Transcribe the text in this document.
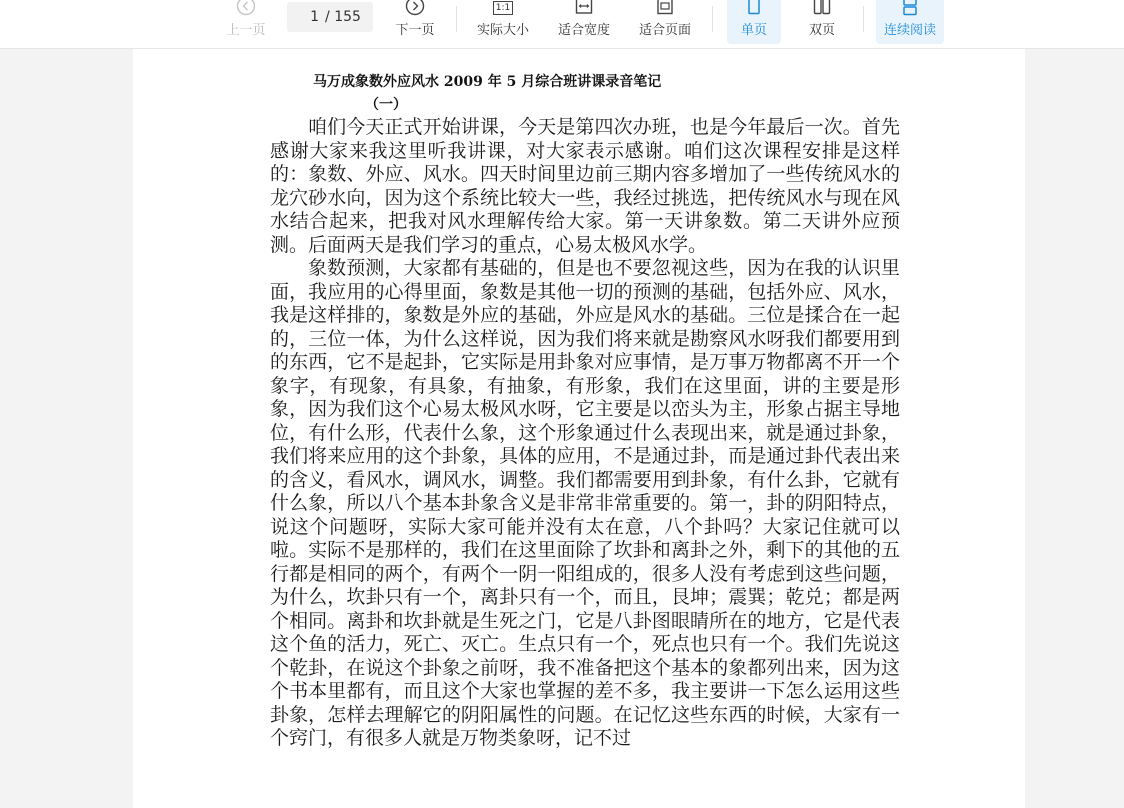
上一页
1
/ 155
下一页
1:1
实际大小 适合宽度 适合页面	单页	双页	连续阅读
马万成象数外应风水 2009 年 5 月综合班讲课录音笔记
（一）

咱们今天正式开始讲课，今天是第四次办班，也是今年最后一次。首先感谢大家来我这里听我讲课，对大家表示感谢。咱们这次课程安排是这样的：象数、外应、风水。四天时间里边前三期内容多增加了一些传统风水的龙穴砂水向，因为这个系统比较大一些，我经过挑选，把传统风水与现在风水结合起来，把我对风水理解传给大家。第一天讲象数。第二天讲外应预测。后面两天是我们学习的重点，心易太极风水学。

象数预测，大家都有基础的，但是也不要忽视这些，因为在我的认识里面，我应用的心得里面，象数是其他一切的预测的基础，包括外应、风水，我是这样排的，象数是外应的基础，外应是风水的基础。三位是揉合在一起的，三位一体，为什么这样说，因为我们将来就是勘察风水呀我们都要用到的东西，它不是起卦，它实际是用卦象对应事情，是万事万物都离不开一个象字，有现象，有具象，有抽象，有形象，我们在这里面，讲的主要是形象，因为我们这个心易太极风水呀，它主要是以峦头为主，形象占据主导地位，有什么形，代表什么象，这个形象通过什么表现出来，就是通过卦象，我们将来应用的这个卦象，具体的应用，不是通过卦，而是通过卦代表出来的含义，看风水，调风水，调整。我们都需要用到卦象，有什么卦，它就有什么象，所以八个基本卦象含义是非常非常重要的。第一，卦的阴阳特点，说这个问题呀，实际大家可能并没有太在意，八个卦吗？大家记住就可以啦。实际不是那样的，我们在这里面除了坎卦和离卦之外，剩下的其他的五行都是相同的两个，有两个一阴一阳组成的，很多人没有考虑到这些问题，为什么，坎卦只有一个，离卦只有一个，而且，艮坤；震巽；乾兑；都是两个相同。离卦和坎卦就是生死之门，它是八卦图眼睛所在的地方，它是代表这个鱼的活力，死亡、灭亡。生点只有一个，死点也只有一个。我们先说这个乾卦，在说这个卦象之前呀，我不准备把这个基本的象都列出来，因为这个书本里都有，而且这个大家也掌握的差不多，我主要讲一下怎么运用这些卦象，怎样去理解它的阴阳属性的问题。在记忆这些东西的时候，大家有一个窍门，有很多人就是万物类象呀，记不过
